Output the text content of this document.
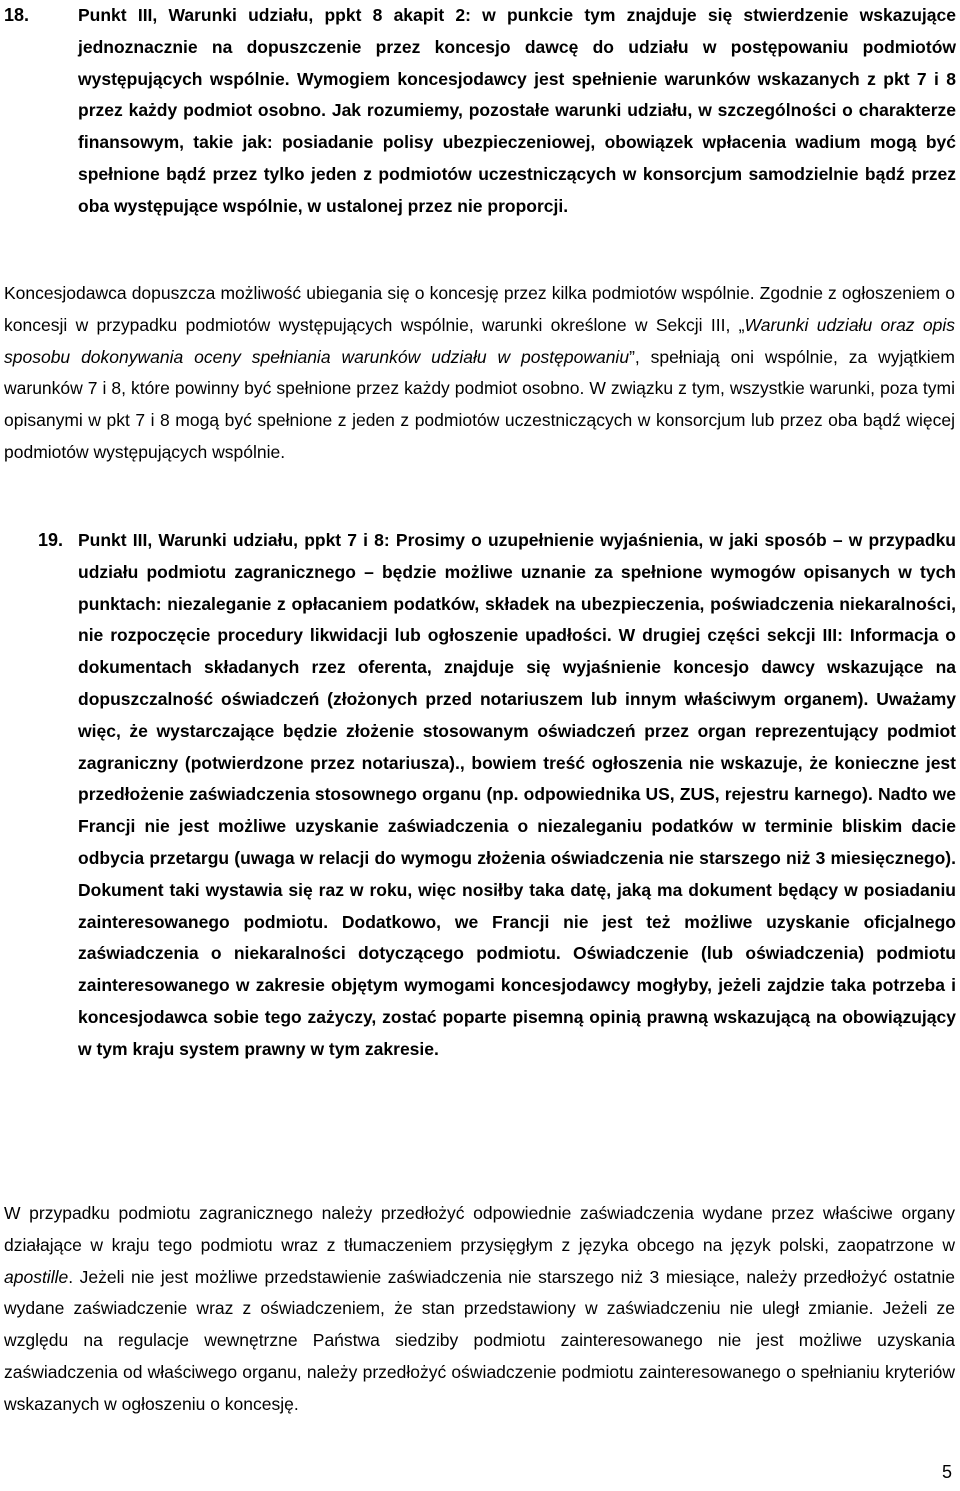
18.	Punkt III, Warunki udziału, ppkt 8 akapit 2: w punkcie tym znajduje się stwierdzenie wskazujące jednoznacznie na dopuszczenie przez koncesjo dawcę do udziału w postępowaniu podmiotów występujących wspólnie. Wymogiem koncesjodawcy jest spełnienie warunków wskazanych z pkt 7 i 8 przez każdy podmiot osobno. Jak rozumiemy, pozostałe warunki udziału, w szczególności o charakterze finansowym, takie jak: posiadanie polisy ubezpieczeniowej, obowiązek wpłacenia wadium mogą być spełnione bądź przez tylko jeden z podmiotów uczestniczących w konsorcjum samodzielnie bądź przez oba występujące wspólnie, w ustalonej przez nie proporcji.
Koncesjodawca dopuszcza możliwość ubiegania się o koncesję przez kilka podmiotów wspólnie. Zgodnie z ogłoszeniem o koncesji w przypadku podmiotów występujących wspólnie, warunki określone w Sekcji III, „Warunki udziału oraz opis sposobu dokonywania oceny spełniania warunków udziału w postępowaniu”, spełniają oni wspólnie, za wyjątkiem warunków 7 i 8, które powinny być spełnione przez każdy podmiot osobno. W związku z tym, wszystkie warunki, poza tymi opisanymi w pkt 7 i 8 mogą być spełnione z jeden z podmiotów uczestniczących w konsorcjum lub przez oba bądź więcej podmiotów występujących wspólnie.
19. Punkt III, Warunki udziału, ppkt 7 i 8: Prosimy o uzupełnienie wyjaśnienia, w jaki sposób – w przypadku udziału podmiotu zagranicznego – będzie możliwe uznanie za spełnione wymogów opisanych w tych punktach: niezaleganie z opłacaniem podatków, składek na ubezpieczenia, poświadczenia niekaralności, nie rozpoczęcie procedury likwidacji lub ogłoszenie upadłości. W drugiej części sekcji III: Informacja o dokumentach składanych rzez oferenta, znajduje się wyjaśnienie koncesjo dawcy wskazujące na dopuszczalność oświadczeń (złożonych przed notariuszem lub innym właściwym organem). Uważamy więc, że wystarczające będzie złożenie stosowanym oświadczeń przez organ reprezentujący podmiot zagraniczny (potwierdzone przez notariusza)., bowiem treść ogłoszenia nie wskazuje, że konieczne jest przedłożenie zaświadczenia stosownego organu (np. odpowiednika US, ZUS, rejestru karnego). Nadto we Francji nie jest możliwe uzyskanie zaświadczenia o niezaleganiu podatków w terminie bliskim dacie odbycia przetargu (uwaga w relacji do wymogu złożenia oświadczenia nie starszego niż 3 miesięcznego). Dokument taki wystawia się raz w roku, więc nosiłby taka datę, jaką ma dokument będący w posiadaniu zainteresowanego podmiotu. Dodatkowo, we Francji nie jest też możliwe uzyskanie oficjalnego zaświadczenia o niekaralności dotyczącego podmiotu. Oświadczenie (lub oświadczenia) podmiotu zainteresowanego w zakresie objętym wymogami koncesjodawcy mogłyby, jeżeli zajdzie taka potrzeba i koncesjodawca sobie tego zażyczy, zostać poparte pisemną opinią prawną wskazującą na obowiązujący w tym kraju system prawny w tym zakresie.
W przypadku podmiotu zagranicznego należy przedłożyć odpowiednie zaświadczenia wydane przez właściwe organy działające w kraju tego podmiotu wraz z tłumaczeniem przysięgłym z języka obcego na język polski, zaopatrzone w apostille. Jeżeli nie jest możliwe przedstawienie zaświadczenia nie starszego niż 3 miesiące, należy przedłożyć ostatnie wydane zaświadczenie wraz z oświadczeniem, że stan przedstawiony w zaświadczeniu nie uległ zmianie. Jeżeli ze względu na regulacje wewnętrzne Państwa siedziby podmiotu zainteresowanego nie jest możliwe uzyskania zaświadczenia od właściwego organu, należy przedłożyć oświadczenie podmiotu zainteresowanego o spełnianiu kryteriów wskazanych w ogłoszeniu o koncesję.
5
